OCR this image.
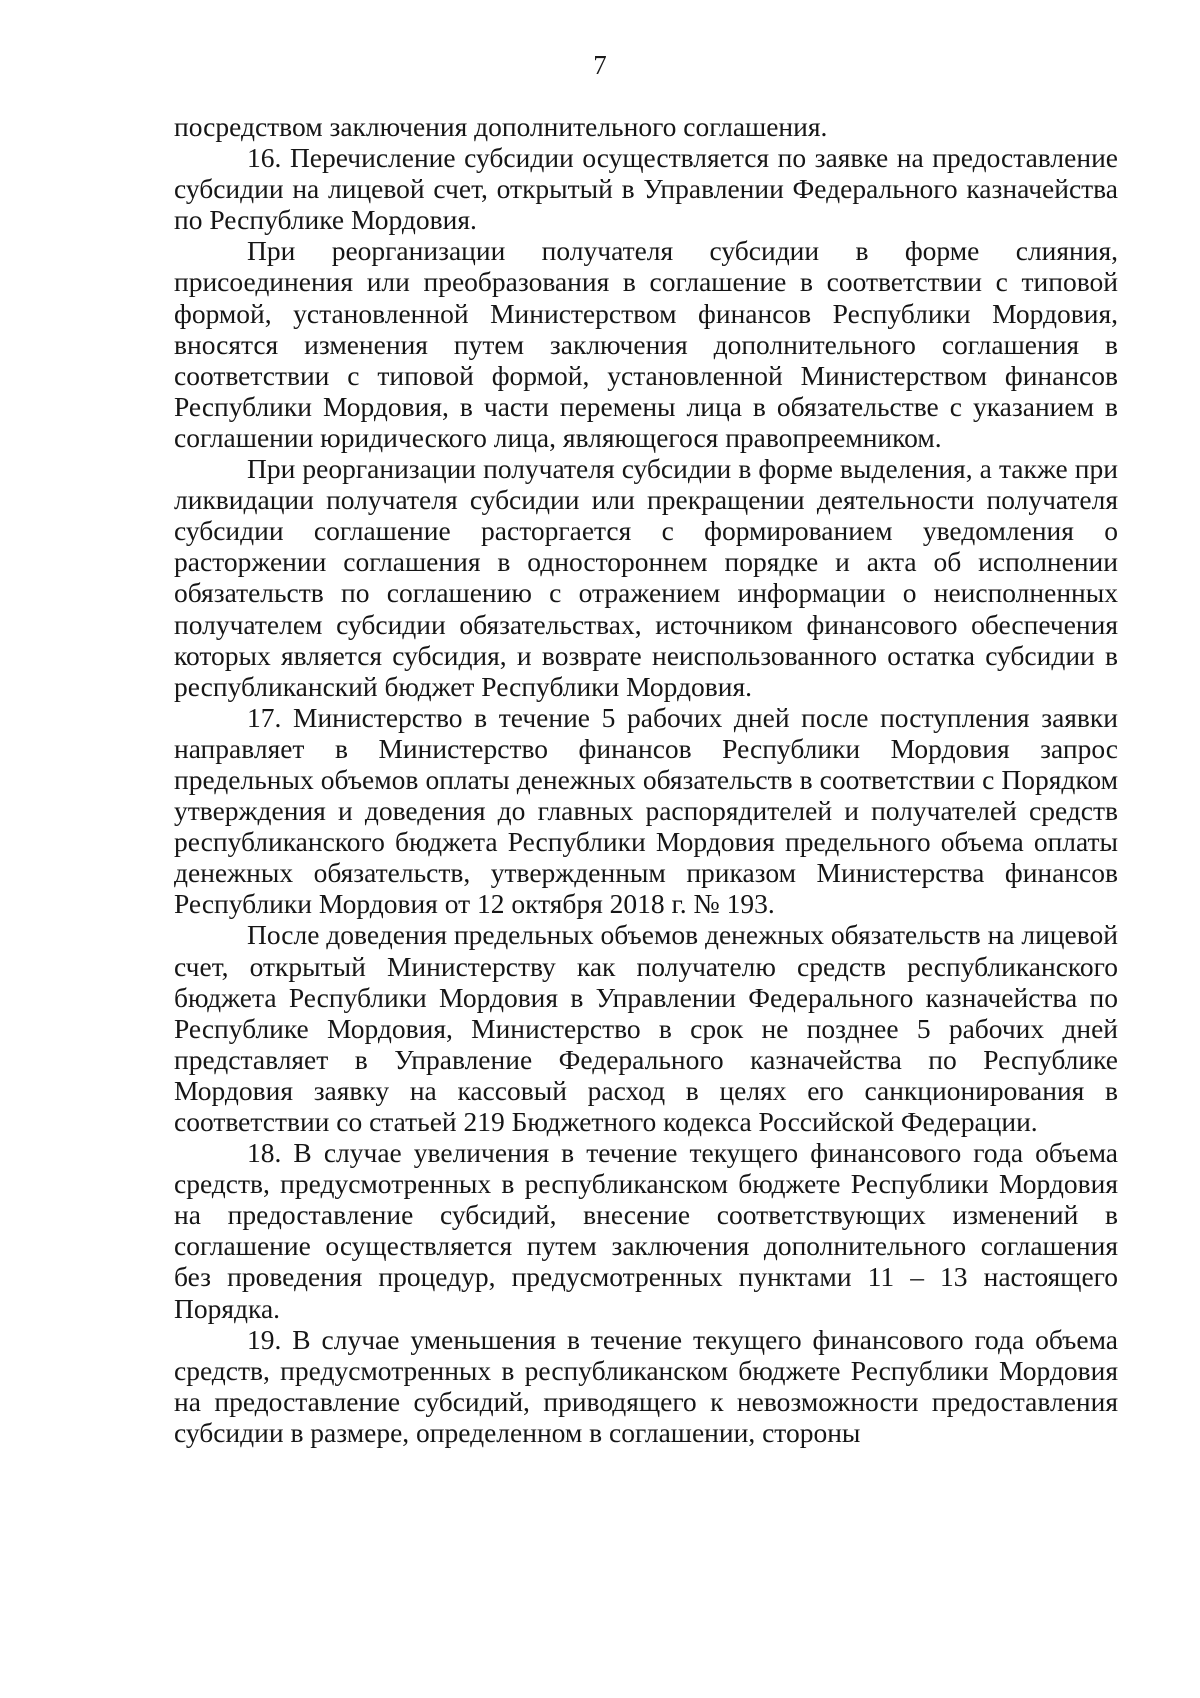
7

посредством заключения дополнительного соглашения.

16. Перечисление субсидии осуществляется по заявке на предоставление субсидии на лицевой счет, открытый в Управлении Федерального казначейства по Республике Мордовия.

При реорганизации получателя субсидии в форме слияния, присоединения или преобразования в соглашение в соответствии с типовой формой, установленной Министерством финансов Республики Мордовия, вносятся изменения путем заключения дополнительного соглашения в соответствии с типовой формой, установленной Министерством финансов Республики Мордовия, в части перемены лица в обязательстве с указанием в соглашении юридического лица, являющегося правопреемником.

При реорганизации получателя субсидии в форме выделения, а также при ликвидации получателя субсидии или прекращении деятельности получателя субсидии соглашение расторгается с формированием уведомления о расторжении соглашения в одностороннем порядке и акта об исполнении обязательств по соглашению с отражением информации о неисполненных получателем субсидии обязательствах, источником финансового обеспечения которых является субсидия, и возврате неиспользованного остатка субсидии в республиканский бюджет Республики Мордовия.

17. Министерство в течение 5 рабочих дней после поступления заявки направляет в Министерство финансов Республики Мордовия запрос предельных объемов оплаты денежных обязательств в соответствии с Порядком утверждения и доведения до главных распорядителей и получателей средств республиканского бюджета Республики Мордовия предельного объема оплаты денежных обязательств, утвержденным приказом Министерства финансов Республики Мордовия от 12 октября 2018 г. № 193.

После доведения предельных объемов денежных обязательств на лицевой счет, открытый Министерству как получателю средств республиканского бюджета Республики Мордовия в Управлении Федерального казначейства по Республике Мордовия, Министерство в срок не позднее 5 рабочих дней представляет в Управление Федерального казначейства по Республике Мордовия заявку на кассовый расход в целях его санкционирования в соответствии со статьей 219 Бюджетного кодекса Российской Федерации.

18. В случае увеличения в течение текущего финансового года объема средств, предусмотренных в республиканском бюджете Республики Мордовия на предоставление субсидий, внесение соответствующих изменений в соглашение осуществляется путем заключения дополнительного соглашения без проведения процедур, предусмотренных пунктами 11 – 13 настоящего Порядка.

19. В случае уменьшения в течение текущего финансового года объема средств, предусмотренных в республиканском бюджете Республики Мордовия на предоставление субсидий, приводящего к невозможности предоставления субсидии в размере, определенном в соглашении, стороны
